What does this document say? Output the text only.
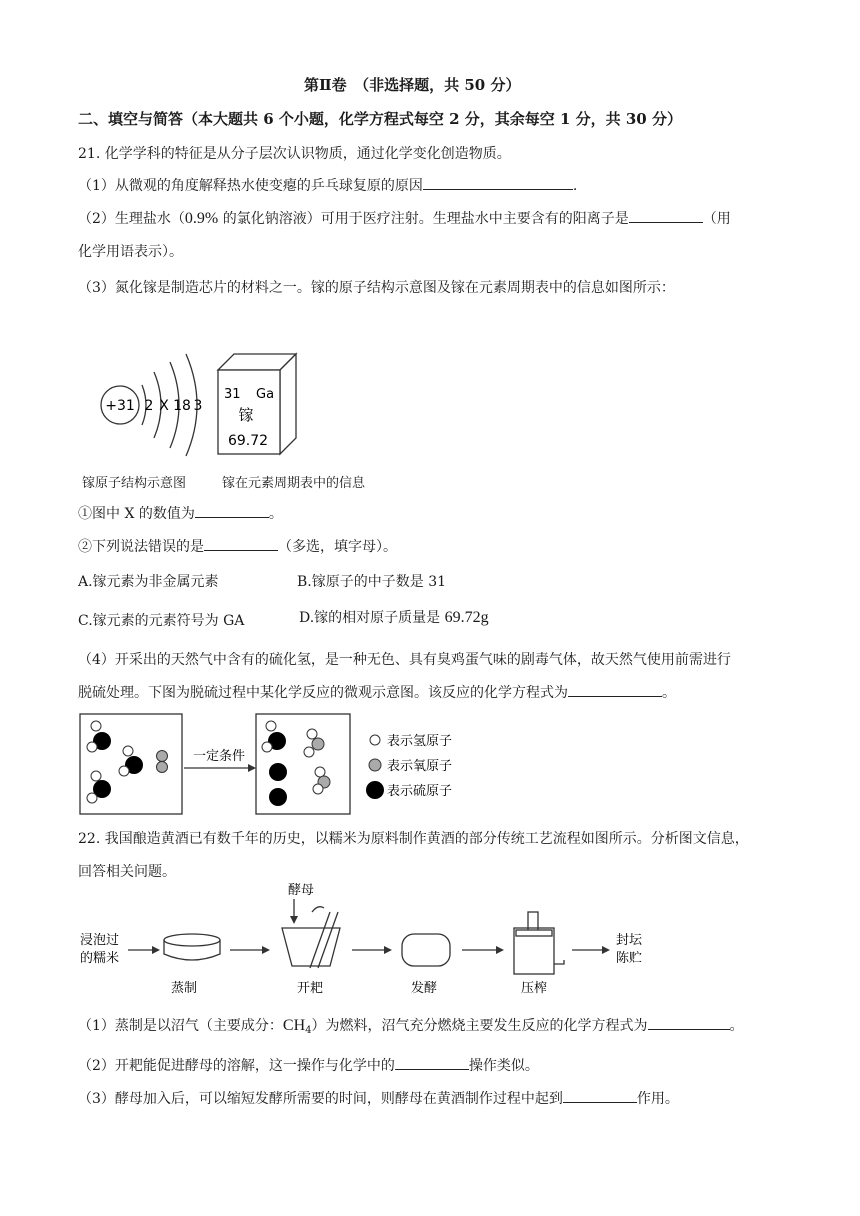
第Ⅱ卷　（非选择题，共 50 分）
二、填空与简答（本大题共 6 个小题，化学方程式每空 2 分，其余每空 1 分，共 30 分）
21. 化学学科的特征是从分子层次认识物质，通过化学变化创造物质。
（1）从微观的角度解释热水使变瘪的乒乓球复原的原因	.
（2）生理盐水（0.9% 的氯化钠溶液）可用于医疗注射。生理盐水中主要含有的阳离子是	（用
化学用语表示）。
（3）氮化镓是制造芯片的材料之一。镓的原子结构示意图及镓在元素周期表中的信息如图所示：
+31 2 X 18 3
31 Ga
镓
69.72
镓原子结构示意图	镓在元素周期表中的信息
①图中 X 的数值为	。
②下列说法错误的是	（多选，填字母）。
A.镓元素为非金属元素	B.镓原子的中子数是 31
C.镓元素的元素符号为 GA	D.镓的相对原子质量是 69.72g
（4）开采出的天然气中含有的硫化氢，是一种无色、具有臭鸡蛋气味的剧毒气体，故天然气使用前需进行
脱硫处理。下图为脱硫过程中某化学反应的微观示意图。该反应的化学方程式为	。
一定条件
表示氢原子
表示氧原子
表示硫原子
22. 我国酿造黄酒已有数千年的历史，以糯米为原料制作黄酒的部分传统工艺流程如图所示。分析图文信息，
回答相关问题。
浸泡过
的糯米
蒸制
酵母
开耙	发酵	压榨
封坛
陈贮
（1）蒸制是以沼气（主要成分：$CH_4$）为燃料，沼气充分燃烧主要发生反应的化学方程式为	。
（2）开耙能促进酵母的溶解，这一操作与化学中的	操作类似。
（3）酵母加入后，可以缩短发酵所需要的时间，则酵母在黄酒制作过程中起到	作用。
